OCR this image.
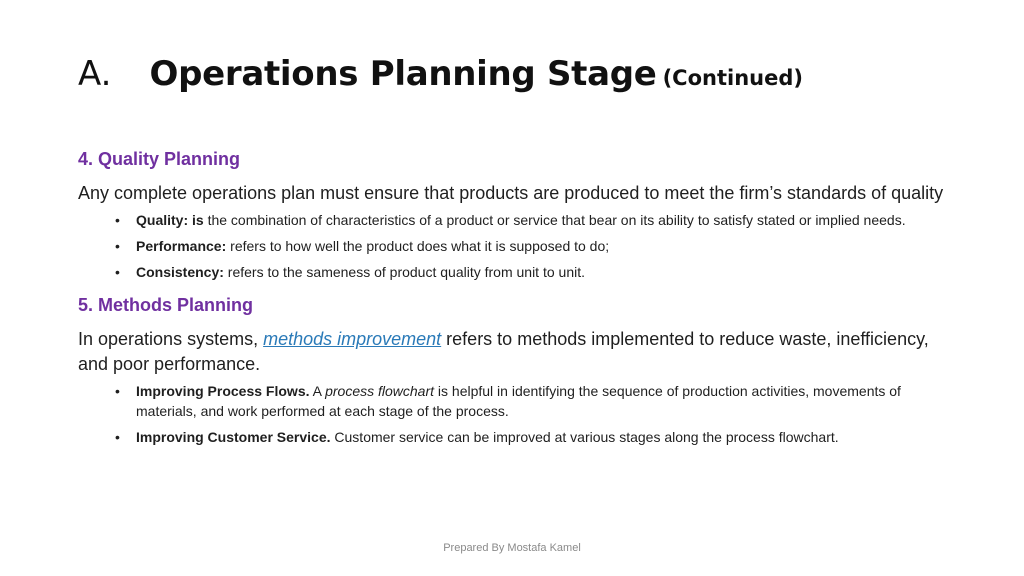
A. Operations Planning Stage (Continued)

4. Quality Planning

Any complete operations plan must ensure that products are produced to meet the firm’s standards of quality

• Quality: is the combination of characteristics of a product or service that bear on its ability to satisfy stated or implied needs.
• Performance: refers to how well the product does what it is supposed to do;
• Consistency: refers to the sameness of product quality from unit to unit.

5. Methods Planning

In operations systems, methods improvement refers to methods implemented to reduce waste, inefficiency, and poor performance.

• Improving Process Flows. A process flowchart is helpful in identifying the sequence of production activities, movements of materials, and work performed at each stage of the process.
• Improving Customer Service. Customer service can be improved at various stages along the process flowchart.
Prepared By Mostafa Kamel
